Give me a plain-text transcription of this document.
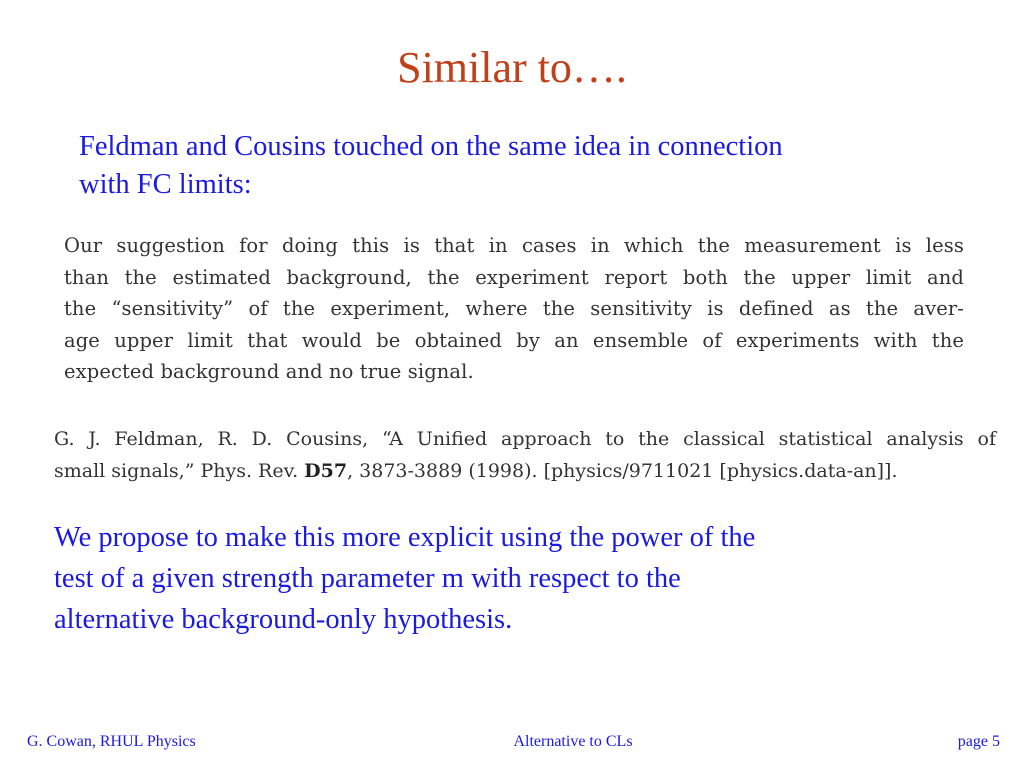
Similar to….
Feldman and Cousins touched on the same idea in connection
with FC limits:
Our suggestion for doing this is that in cases in which the measurement is less
than the estimated background, the experiment report both the upper limit and
the “sensitivity” of the experiment, where the sensitivity is defined as the aver-
age upper limit that would be obtained by an ensemble of experiments with the
expected background and no true signal.
G. J. Feldman, R. D. Cousins, “A Unified approach to the classical statistical analysis of
small signals,” Phys. Rev. D57, 3873-3889 (1998). [physics/9711021 [physics.data-an]].
We propose to make this more explicit using the power of the
test of a given strength parameter m with respect to the
alternative background-only hypothesis.
G. Cowan, RHUL Physics	Alternative to CLs	page 5
